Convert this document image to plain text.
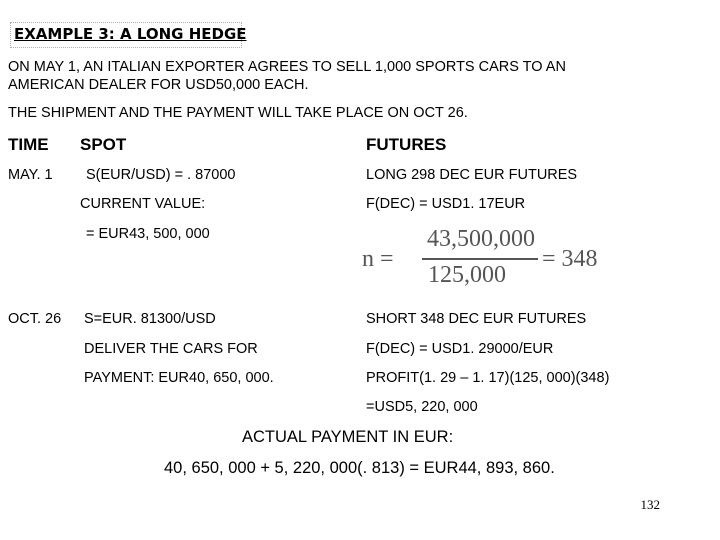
EXAMPLE 3: A LONG HEDGE
ON MAY 1, AN ITALIAN EXPORTER AGREES TO SELL 1,000 SPORTS CARS TO AN
AMERICAN DEALER FOR USD50,000 EACH.
THE SHIPMENT AND THE PAYMENT WILL TAKE PLACE ON OCT 26.
TIME SPOT	FUTURES
MAY. 1 S(EUR/USD) = . 87000	LONG 298 DEC EUR FUTURES
CURRENT VALUE:	F(DEC) = USD1. 17EUR
= EUR43, 500, 000
n =
43,500,000
125,000
= 348
OCT. 26 S=EUR. 81300/USD	SHORT 348 DEC EUR FUTURES
DELIVER THE CARS FOR	F(DEC) = USD1. 29000/EUR
PAYMENT: EUR40, 650, 000.	PROFIT(1. 29 – 1. 17)(125, 000)(348)
=USD5, 220, 000
ACTUAL PAYMENT IN EUR:
40, 650, 000 + 5, 220, 000(. 813) = EUR44, 893, 860.
132
